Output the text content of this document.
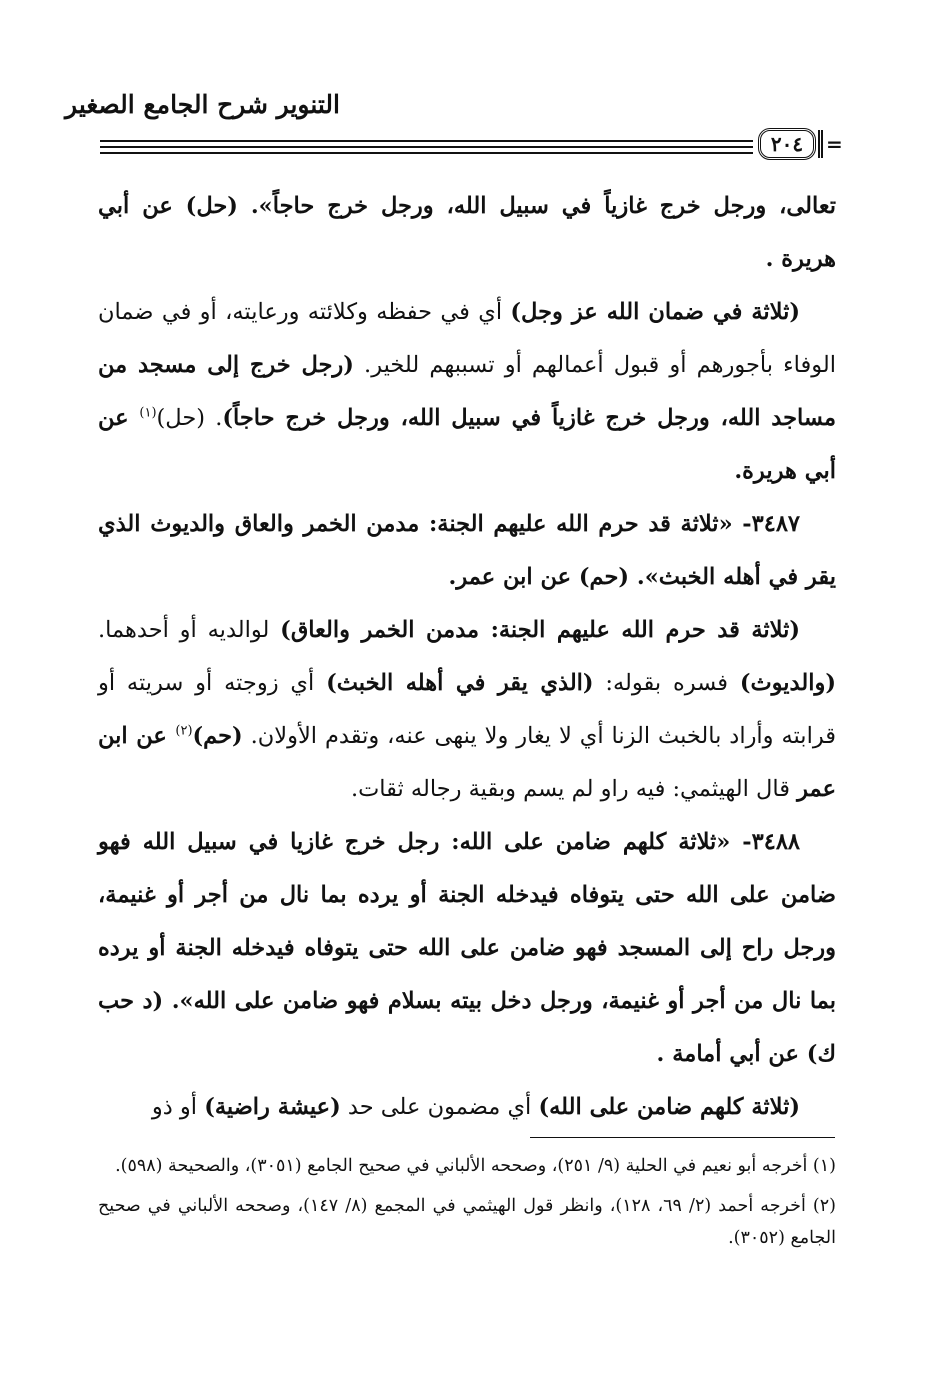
التنوير شرح الجامع الصغير
٢٠٤	=

تعالى، ورجل خرج غازياً في سبيل الله، ورجل خرج حاجاً». (حل) عن أبي هريرة .

(ثلاثة في ضمان الله عز وجل) أي في حفظه وكلائته ورعايته، أو في ضمان الوفاء بأجورهم أو قبول أعمالهم أو تسببهم للخير. (رجل خرج إلى مسجد من مساجد الله، ورجل خرج غازياً في سبيل الله، ورجل خرج حاجاً). (حل)$^{(١)}$ عن أبي هريرة.

٣٤٨٧- «ثلاثة قد حرم الله عليهم الجنة: مدمن الخمر والعاق والديوث الذي يقر في أهله الخبث». (حم) عن ابن عمر.

(ثلاثة قد حرم الله عليهم الجنة: مدمن الخمر والعاق) لوالديه أو أحدهما. (والديوث) فسره بقوله: (الذي يقر في أهله الخبث) أي زوجته أو سريته أو قرابته وأراد بالخبث الزنا أي لا يغار ولا ينهى عنه، وتقدم الأولان. (حم)$^{(٢)}$ عن ابن عمر قال الهيثمي: فيه راو لم يسم وبقية رجاله ثقات.

٣٤٨٨- «ثلاثة كلهم ضامن على الله: رجل خرج غازيا في سبيل الله فهو ضامن على الله حتى يتوفاه فيدخله الجنة أو يرده بما نال من أجر أو غنيمة، ورجل راح إلى المسجد فهو ضامن على الله حتى يتوفاه فيدخله الجنة أو يرده بما نال من أجر أو غنيمة، ورجل دخل بيته بسلام فهو ضامن على الله». (د حب ك) عن أبي أمامة .

(ثلاثة كلهم ضامن على الله) أي مضمون على حد (عيشة راضية) أو ذو

(١) أخرجه أبو نعيم في الحلية (٩/ ٢٥١)، وصححه الألباني في صحيح الجامع (٣٠٥١)، والصحيحة (٥٩٨).

(٢) أخرجه أحمد (٢/ ٦٩، ١٢٨)، وانظر قول الهيثمي في المجمع (٨/ ١٤٧)، وصححه الألباني في صحيح الجامع (٣٠٥٢).
